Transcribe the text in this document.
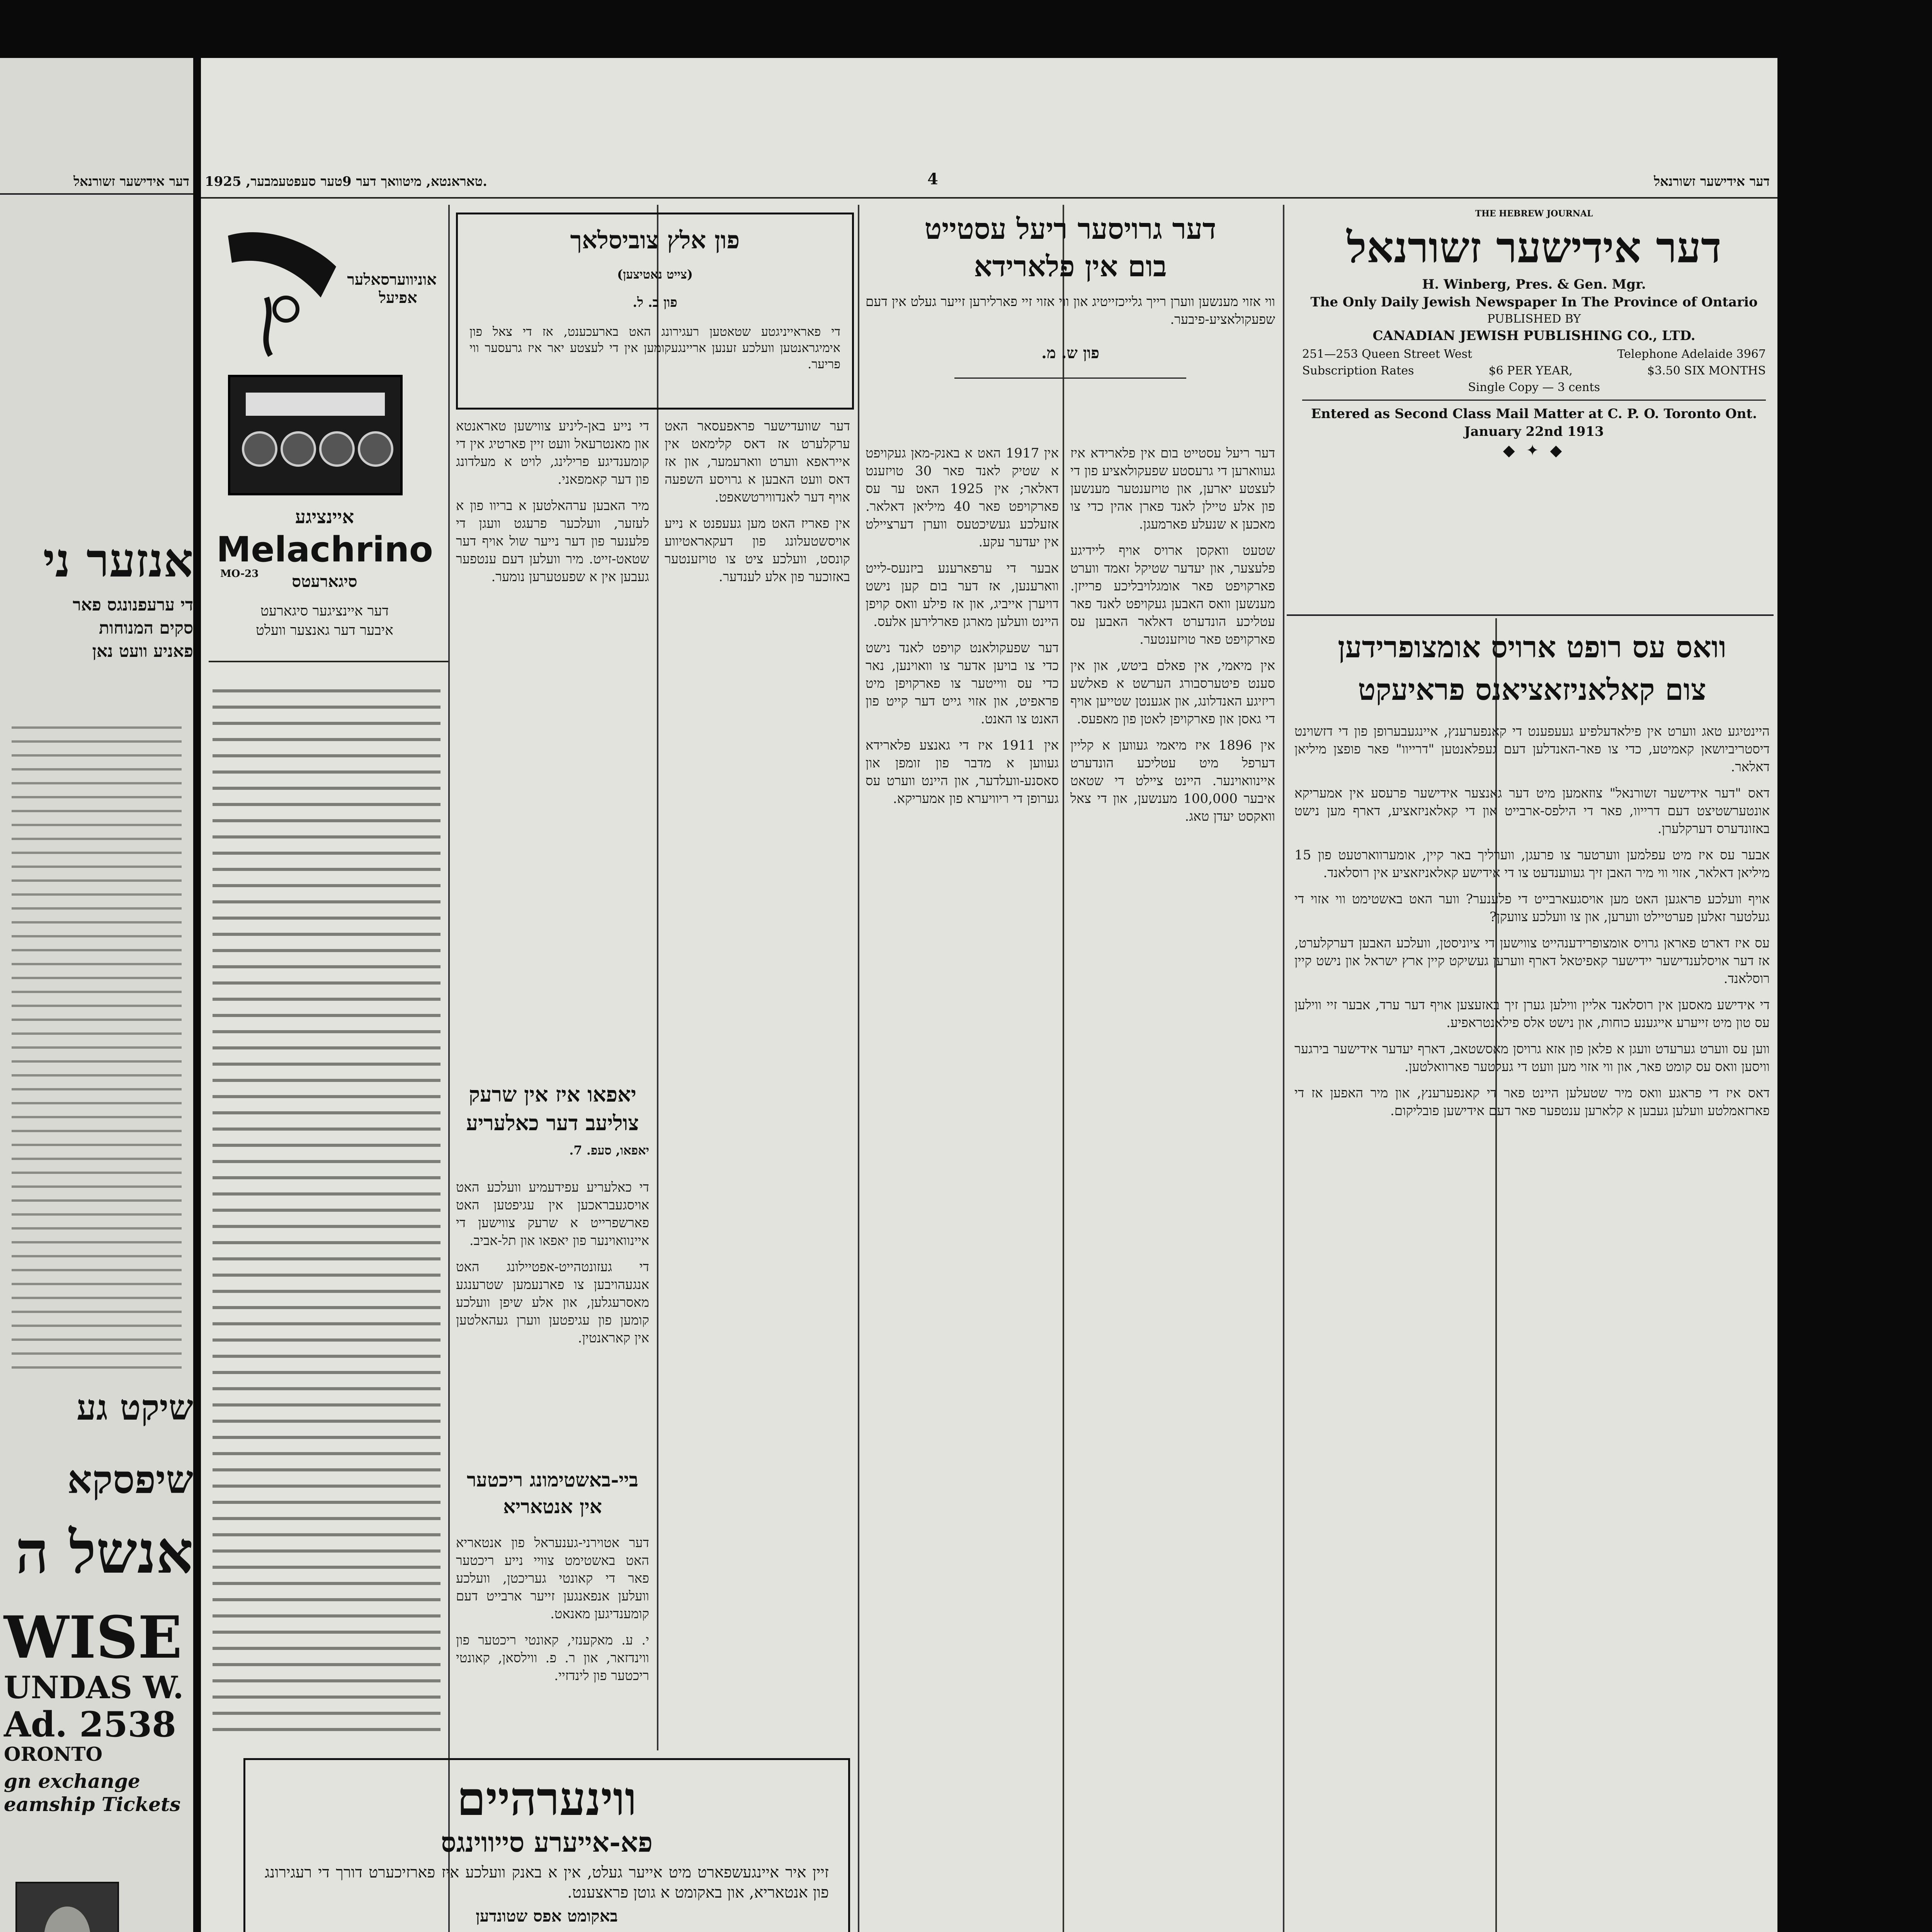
דער אידישער זשורנאל
אנזער ני
די ערעפנונגס פאר
סקים המנוחות
פאניע וועט נאן
שיקט גע
שיפסקא
אנשל ה
WISE
UNDAS W.
Ad. 2538
ORONTO
gn exchange
eamship Tickets
טאראנטא, מיטוואך דער 9טער סעפטעמבער, 1925.	4	דער אידישער זשורנאל

THE HEBREW JOURNAL

דער אידישער זשורנאל

H. Winberg, Pres. & Gen. Mgr.

The Only Daily Jewish Newspaper In The Province of Ontario

PUBLISHED BY

CANADIAN JEWISH PUBLISHING CO., LTD.

251—253 Queen Street West	Telephone Adelaide 3967

Subscription Rates	$6 PER YEAR,	$3.50 SIX MONTHS

Single Copy — 3 cents

Entered as Second Class Mail Matter at C. P. O. Toronto Ont.

January 22nd 1913

◆ ✦ ◆

וואס עס רופט ארויס אומצופרידען

צום קאלאניזאציאנס פראיעקט

היינטיגע טאג ווערט אין פילאדעלפיע געעפענט די קאנפערענץ, איינגעבערופן פון די דזשוינט דיסטריביושאן קאמיטע, כדי צו פאר-האנדלען דעם געפלאנטען "דרייוו" פאר פופצן מיליאן דאלאר.

דאס "דער אידישער זשורנאל" צוזאמען מיט דער גאנצער אידישער פרעסע אין אמעריקא אונטערשטיצט דעם דרייוו, פאר די הילפס-ארבייט און די קאלאניזאציע, דארף מען נישט באזונדערס דערקלערן.

אבער עס איז מיט עפלמען ווערטער צו פרעגן, ווערליך באר קיין, אומערווארטעט פון 15 מיליאן דאלאר, אזוי ווי מיר האבן זיך געווענדעט צו די אידישע קאלאניזאציע אין רוסלאנד.

אויף וועלכע פראגען האט מען אויסגעארבייט די פלענער? ווער האט באשטימט ווי אזוי די געלטער זאלען פערטיילט ווערען, און צו וועלכע צוועקן?

עס איז דארט פאראן גרויס אומצופרידענהייט צווישען די ציוניסטן, וועלכע האבען דערקלערט, אז דער אויסלענדישער יידישער קאפיטאל דארף ווערען געשיקט קיין ארץ ישראל און נישט קיין רוסלאנד.

די אידישע מאסען אין רוסלאנד אליין ווילען גערן זיך באזעצען אויף דער ערד, אבער זיי ווילען עס טון מיט זייערע אייגענע כוחות, און נישט אלס פילאנטראפיע.

ווען עס ווערט גערעדט וועגן א פלאן פון אזא גרויסן מאסשטאב, דארף יעדער אידישער בירגער וויסען וואס עס קומט פאר, און ווי אזוי מען וועט די געלטער פארוואלטען.

דאס איז די פראגע וואס מיר שטעלען היינט פאר די קאנפערענץ, און מיר האפען אז די פארזאמלטע וועלען געבען א קלארען ענטפער פאר דעם אידישען פובליקום.

דער גרויסער ריעל עסטייט

בום אין פלארידא

ווי אזוי מענשען ווערן רייך גלייכזייטיג און ווי אזוי זיי פארלירען זייער געלט אין דעם שפעקולאציע-פיבער.

פון ש. מ.

דער ריעל עסטייט בום אין פלארידא איז געווארען די גרעסטע שפעקולאציע פון די לעצטע יארען, און טויזענטער מענשען פון אלע טיילן לאנד פארן אהין כדי צו מאכען א שנעלע פארמעגן.

שטעט וואקסן ארויס אויף ליידיגע פלעצער, און יעדער שטיקל זאמד ווערט פארקויפט פאר אומגלויבליכע פרייזן. מענשען וואס האבען געקויפט לאנד פאר עטליכע הונדערט דאלאר האבען עס פארקויפט פאר טויזענטער.

אין מיאמי, אין פאלם ביטש, און אין סענט פיטערסבורג הערשט א פאלשע ריזיגע האנדלונג, און אגענטן שטייען אויף די גאסן און פארקויפן לאטן פון מאפעס.

אין 1896 איז מיאמי געווען א קליין דערפל מיט עטליכע הונדערט איינוואוינער. היינט ציילט די שטאט איבער 100,000 מענשען, און די צאל וואקסט יעדן טאג.

אין 1917 האט א באנק-מאן געקויפט א שטיק לאנד פאר 30 טויזענט דאלאר; אין 1925 האט ער עס פארקויפט פאר 40 מיליאן דאלאר. אזעלכע געשיכטעס ווערן דערציילט אין יעדער עקע.

אבער די ערפארענע ביזנעס-לייט ווארענען, אז דער בום קען נישט דויערן אייביג, און אז פילע וואס קויפן היינט וועלען מארגן פארלירען אלעס.

דער שפעקולאנט קויפט לאנד נישט כדי צו בויען אדער צו וואוינען, נאר כדי עס ווייטער צו פארקויפן מיט פראפיט, און אזוי גייט דער קייט פון האנט צו האנט.

אין 1911 איז די גאנצע פלארידא געווען א מדבר פון זומפן און סאסנע-וועלדער, און היינט ווערט עס גערופן די ריוויערא פון אמעריקא.

פון אלץ צוביסלאך

(צייט נאטיצען)

פון ב. ל.

די פאראייניגטע שטאטען רעגירונג האט בארעכענט, אז די צאל פון אימיגראנטען וועלכע זענען אריינגעקומען אין די לעצטע יאר איז גרעסער ווי פריער.

דער שוועדישער פראפעסאר האט ערקלערט אז דאס קלימאט אין אייראפא ווערט ווארעמער, און אז דאס וועט האבען א גרויסע השפעה אויף דער לאנדווירטשאפט.

אין פאריז האט מען געעפנט א נייע אויסשטעלונג פון דעקאראטיווע קונסט, וועלכע ציט צו טויזענטער באזוכער פון אלע לענדער.

די נייע באן-ליניע צווישען טאראנטא און מאנטרעאל וועט זיין פארטיג אין די קומענדיגע פרילינג, לויט א מעלדונג פון דער קאמפאני.

מיר האבען ערהאלטען א בריוו פון א לעזער, וועלכער פרעגט וועגן די פלענער פון דער נייער שול אויף דער שטאט-זייט. מיר וועלען דעם ענטפער געבען אין א שפעטערען נומער.

יאפאו איז אין שרעק

צוליעב דער כאלעריע

יאפאו, סעפ. 7.

די כאלעריע עפידעמיע וועלכע האט אויסגעבראכען אין עגיפטען האט פארשפרייט א שרעק צווישען די איינוואוינער פון יאפאו און תל-אביב.

די געזונטהייט-אפטיילונג האט אנגעהויבען צו פארנעמען שטרענגע מאסרעגלען, און אלע שיפן וועלכע קומען פון עגיפטען ווערן געהאלטען אין קאראנטין.

ביי-באשטימונג ריכטער

אין אנטאריא

דער אטוירני-גענעראל פון אנטאריא האט באשטימט צוויי נייע ריכטער פאר די קאונטי געריכטן, וועלכע וועלען אנפאנגען זייער ארבייט דעם קומענדיגען מאנאט.

י. ע. מאקענזי, קאונטי ריכטער פון ווינדזאר, און ר. פ. ווילסאן, קאונטי ריכטער פון לינדזיי.

אוניווערסאלער אפיעל

איינציגע

Melachrino

סיגארעטס

MO-23

דער איינציגער סיגארעט

איבער דער גאנצער וועלט

ווינערהיים

פא-אייערע סייווינגס

זיין איר איינגעשפארט מיט אייער געלט, אין א באנק וועלכע איז פארזיכערט דורך די רעגירונג פון אנטאריא, און באקומט א גוטן פראצענט.

באקומט אפס שטונדען
